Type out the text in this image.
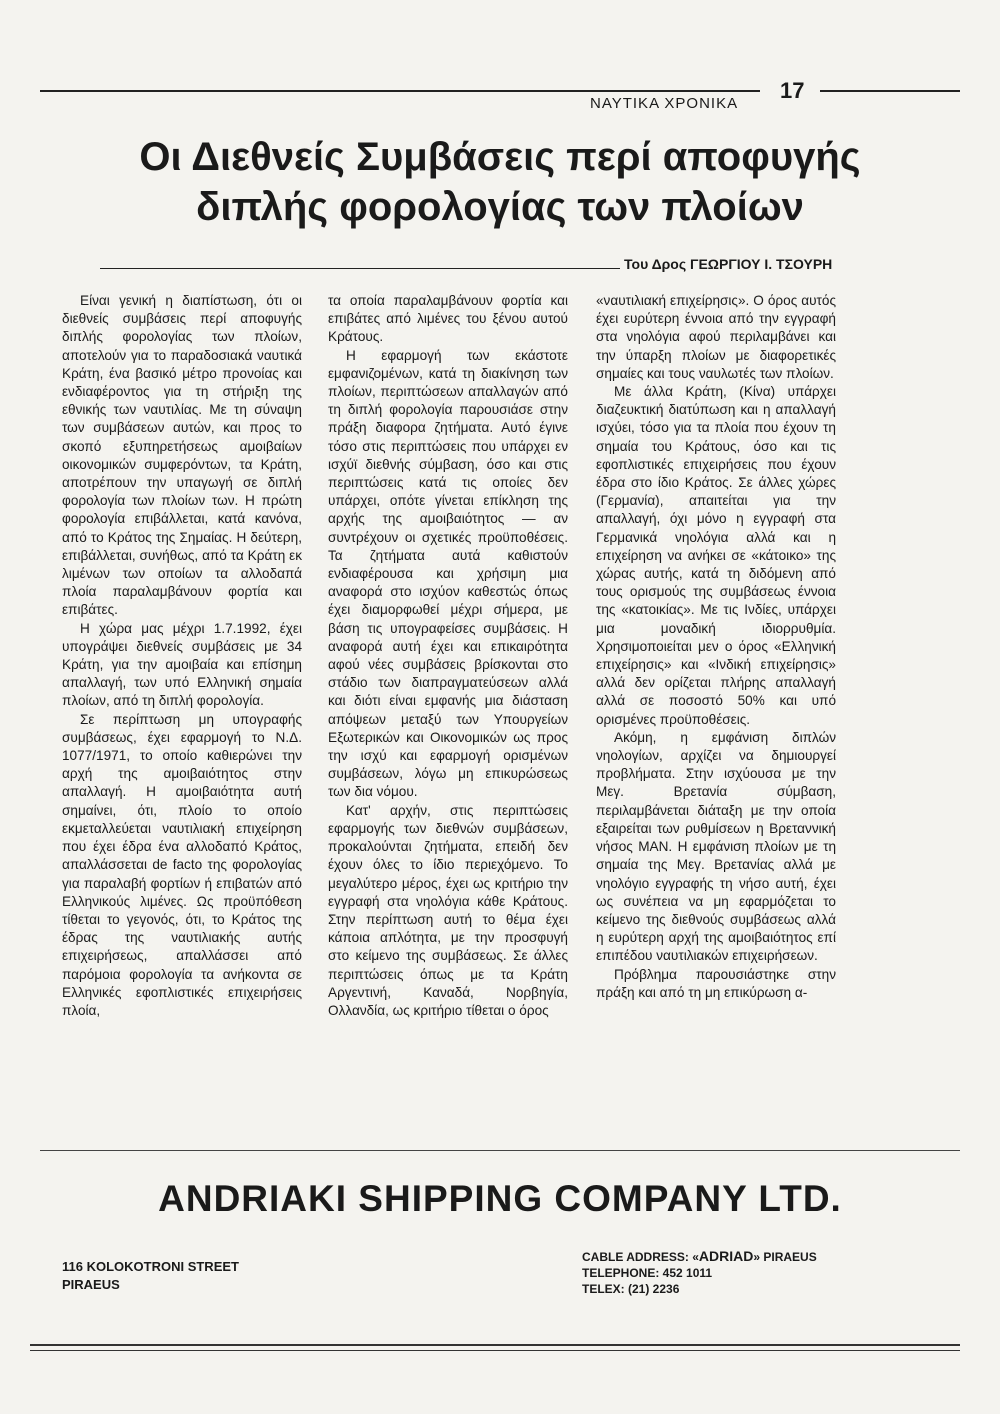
ΝΑΥΤΙΚΑ ΧΡΟΝΙΚΑ
17
Οι Διεθνείς Συμβάσεις περί αποφυγής
διπλής φορολογίας των πλοίων
Του Δρος ΓΕΩΡΓΙΟΥ Ι. ΤΣΟΥΡΗ

Είναι γενική η διαπίστωση, ότι οι διεθνείς συμβάσεις περί αποφυγής διπλής φορολογίας των πλοίων, αποτελούν για το παραδοσιακά ναυτικά Κράτη, ένα βασικό μέτρο προνοίας και ενδιαφέροντος για τη στήριξη της εθνικής των ναυτιλίας. Με τη σύναψη των συμβάσεων αυτών, και προς το σκοπό εξυπηρετήσεως αμοιβαίων οικονομικών συμφερόντων, τα Κράτη, αποτρέπουν την υπαγωγή σε διπλή φορολογία των πλοίων των. Η πρώτη φορολογία επιβάλλεται, κατά κανόνα, από το Κράτος της Σημαίας. Η δεύτερη, επιβάλλεται, συνήθως, από τα Κράτη εκ λιμένων των οποίων τα αλλοδαπά πλοία παραλαμβάνουν φορτία και επιβάτες.

Η χώρα μας μέχρι 1.7.1992, έχει υπογράψει διεθνείς συμβάσεις με 34 Κράτη, για την αμοιβαία και επίσημη απαλλαγή, των υπό Ελληνική σημαία πλοίων, από τη διπλή φορολογία.

Σε περίπτωση μη υπογραφής συμβάσεως, έχει εφαρμογή το Ν.Δ. 1077/1971, το οποίο καθιερώνει την αρχή της αμοιβαιότητος στην απαλλαγή. Η αμοιβαιότητα αυτή σημαίνει, ότι, πλοίο το οποίο εκμεταλλεύεται ναυτιλιακή επιχείρηση που έχει έδρα ένα αλλοδαπό Κράτος, απαλλάσσεται de facto της φορολογίας για παραλαβή φορτίων ή επιβατών από Ελληνικούς λιμένες. Ως προϋπόθεση τίθεται το γεγονός, ότι, το Κράτος της έδρας της ναυτιλιακής αυτής επιχειρήσεως, απαλλάσσει από παρόμοια φορολογία τα ανήκοντα σε Ελληνικές εφοπλιστικές επιχειρήσεις πλοία,

τα οποία παραλαμβάνουν φορτία και επιβάτες από λιμένες του ξένου αυτού Κράτους.

Η εφαρμογή των εκάστοτε εμφανιζομένων, κατά τη διακίνηση των πλοίων, περιπτώσεων απαλλαγών από τη διπλή φορολογία παρουσιάσε στην πράξη διαφορα ζητήματα. Αυτό έγινε τόσο στις περιπτώσεις που υπάρχει εν ισχύϊ διεθνής σύμβαση, όσο και στις περιπτώσεις κατά τις οποίες δεν υπάρχει, οπότε γίνεται επίκληση της αρχής της αμοιβαιότητος — αν συντρέχουν οι σχετικές προϋποθέσεις. Τα ζητήματα αυτά καθιστούν ενδιαφέρουσα και χρήσιμη μια αναφορά στο ισχύον καθεστώς όπως έχει διαμορφωθεί μέχρι σήμερα, με βάση τις υπογραφείσες συμβάσεις. Η αναφορά αυτή έχει και επικαιρότητα αφού νέες συμβάσεις βρίσκονται στο στάδιο των διαπραγματεύσεων αλλά και διότι είναι εμφανής μια διάσταση απόψεων μεταξύ των Υπουργείων Εξωτερικών και Οικονομικών ως προς την ισχύ και εφαρμογή ορισμένων συμβάσεων, λόγω μη επικυρώσεως των δια νόμου.

Κατ' αρχήν, στις περιπτώσεις εφαρμογής των διεθνών συμβάσεων, προκαλούνται ζητήματα, επειδή δεν έχουν όλες το ίδιο περιεχόμενο. Το μεγαλύτερο μέρος, έχει ως κριτήριο την εγγραφή στα νηολόγια κάθε Κράτους. Στην περίπτωση αυτή το θέμα έχει κάποια απλότητα, με την προσφυγή στο κείμενο της συμβάσεως. Σε άλλες περιπτώσεις όπως με τα Κράτη Αργεντινή, Καναδά, Νορβηγία, Ολλανδία, ως κριτήριο τίθεται ο όρος

«ναυτιλιακή επιχείρησις». Ο όρος αυτός έχει ευρύτερη έννοια από την εγγραφή στα νηολόγια αφού περιλαμβάνει και την ύπαρξη πλοίων με διαφορετικές σημαίες και τους ναυλωτές των πλοίων.

Με άλλα Κράτη, (Κίνα) υπάρχει διαζευκτική διατύπωση και η απαλλαγή ισχύει, τόσο για τα πλοία που έχουν τη σημαία του Κράτους, όσο και τις εφοπλιστικές επιχειρήσεις που έχουν έδρα στο ίδιο Κράτος. Σε άλλες χώρες (Γερμανία), απαιτείται για την απαλλαγή, όχι μόνο η εγγραφή στα Γερμανικά νηολόγια αλλά και η επιχείρηση να ανήκει σε «κάτοικο» της χώρας αυτής, κατά τη διδόμενη από τους ορισμούς της συμβάσεως έννοια της «κατοικίας». Με τις Ινδίες, υπάρχει μια μοναδική ιδιορρυθμία. Χρησιμοποιείται μεν ο όρος «Ελληνική επιχείρησις» και «Ινδική επιχείρησις» αλλά δεν ορίζεται πλήρης απαλλαγή αλλά σε ποσοστό 50% και υπό ορισμένες προϋποθέσεις.

Ακόμη, η εμφάνιση διπλών νηολογίων, αρχίζει να δημιουργεί προβλήματα. Στην ισχύουσα με την Μεγ. Βρετανία σύμβαση, περιλαμβάνεται διάταξη με την οποία εξαιρείται των ρυθμίσεων η Βρεταννική νήσος ΜΑΝ. Η εμφάνιση πλοίων με τη σημαία της Μεγ. Βρετανίας αλλά με νηολόγιο εγγραφής τη νήσο αυτή, έχει ως συνέπεια να μη εφαρμόζεται το κείμενο της διεθνούς συμβάσεως αλλά η ευρύτερη αρχή της αμοιβαιότητος επί επιπέδου ναυτιλιακών επιχειρήσεων.

Πρόβλημα παρουσιάστηκε στην πράξη και από τη μη επικύρωση α-

ANDRIAKI SHIPPING COMPANY LTD.
116 KOLOKOTRONI STREET
PIRAEUS
CABLE ADDRESS: «ADRIAD» PIRAEUS
TELEPHONE: 452 1011
TELEX: (21) 2236
